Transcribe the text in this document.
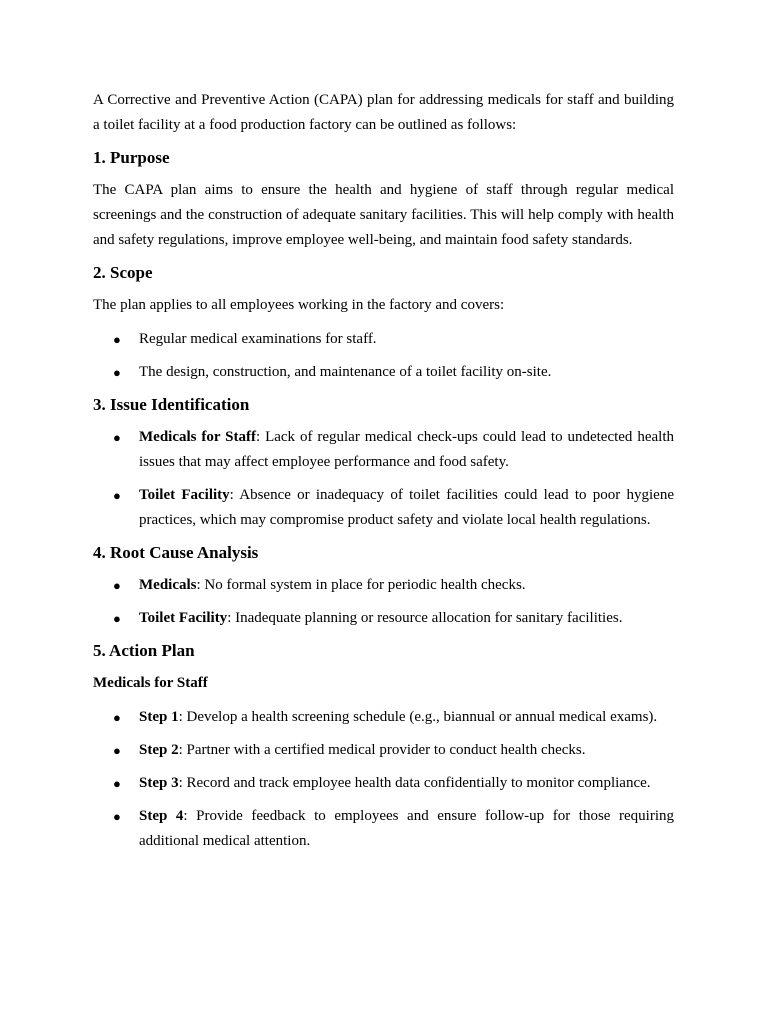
A Corrective and Preventive Action (CAPA) plan for addressing medicals for staff and building a toilet facility at a food production factory can be outlined as follows:

1. Purpose

The CAPA plan aims to ensure the health and hygiene of staff through regular medical screenings and the construction of adequate sanitary facilities. This will help comply with health and safety regulations, improve employee well-being, and maintain food safety standards.

2. Scope

The plan applies to all employees working in the factory and covers:

● Regular medical examinations for staff.
● The design, construction, and maintenance of a toilet facility on-site.
3. Issue Identification
● Medicals for Staff: Lack of regular medical check-ups could lead to undetected health issues that may affect employee performance and food safety.
● Toilet Facility: Absence or inadequacy of toilet facilities could lead to poor hygiene practices, which may compromise product safety and violate local health regulations.
4. Root Cause Analysis
● Medicals: No formal system in place for periodic health checks.
● Toilet Facility: Inadequate planning or resource allocation for sanitary facilities.
5. Action Plan
Medicals for Staff
● Step 1: Develop a health screening schedule (e.g., biannual or annual medical exams).
● Step 2: Partner with a certified medical provider to conduct health checks.
● Step 3: Record and track employee health data confidentially to monitor compliance.
● Step 4: Provide feedback to employees and ensure follow-up for those requiring additional medical attention.
